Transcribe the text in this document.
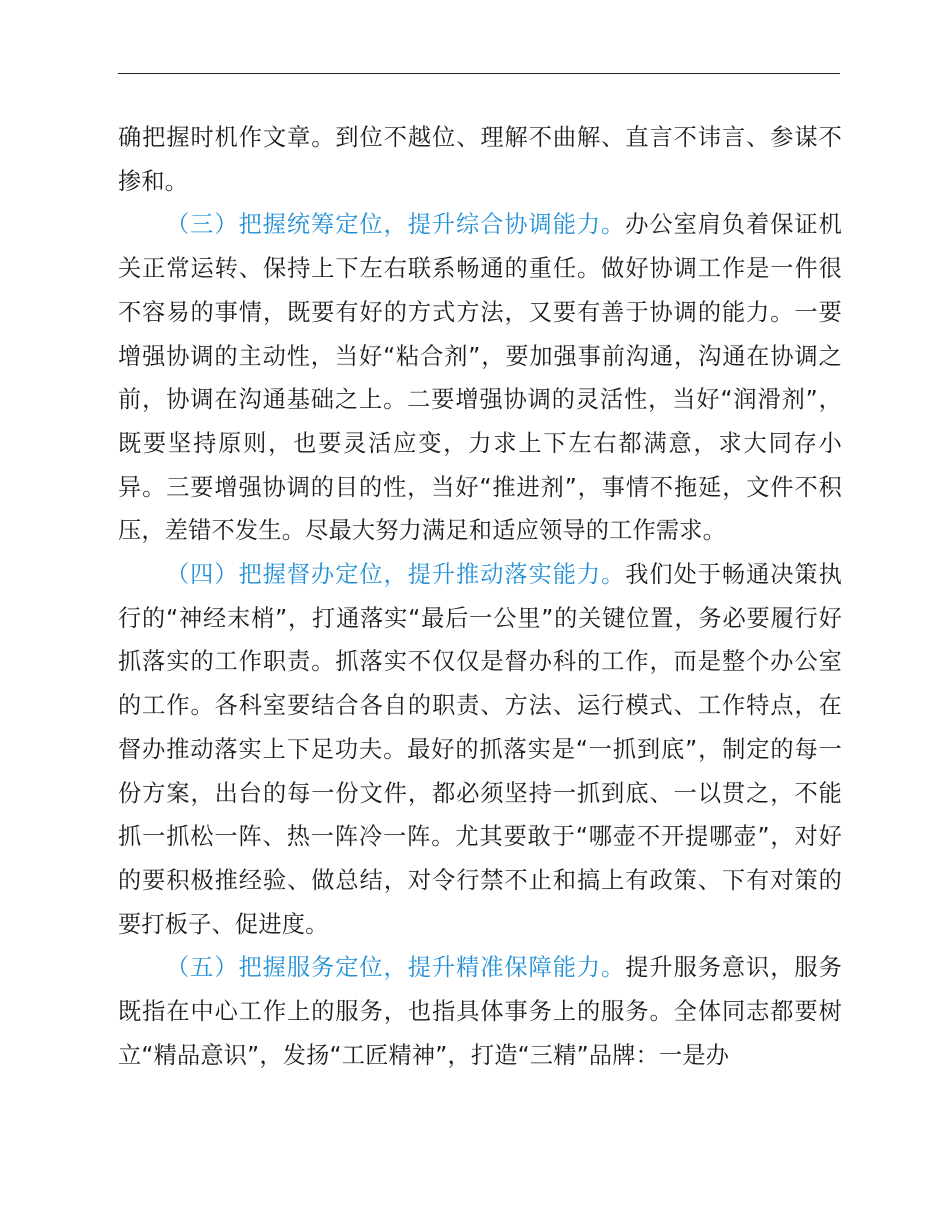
确把握时机作文章。到位不越位、理解不曲解、直言不讳言、参谋不掺和。

（三）把握统筹定位，提升综合协调能力。办公室肩负着保证机关正常运转、保持上下左右联系畅通的重任。做好协调工作是一件很不容易的事情，既要有好的方式方法，又要有善于协调的能力。一要增强协调的主动性，当好“粘合剂”，要加强事前沟通，沟通在协调之前，协调在沟通基础之上。二要增强协调的灵活性，当好“润滑剂”，既要坚持原则，也要灵活应变，力求上下左右都满意，求大同存小异。三要增强协调的目的性，当好“推进剂”，事情不拖延，文件不积压，差错不发生。尽最大努力满足和适应领导的工作需求。

（四）把握督办定位，提升推动落实能力。我们处于畅通决策执行的“神经末梢”，打通落实“最后一公里”的关键位置，务必要履行好抓落实的工作职责。抓落实不仅仅是督办科的工作，而是整个办公室的工作。各科室要结合各自的职责、方法、运行模式、工作特点，在督办推动落实上下足功夫。最好的抓落实是“一抓到底”，制定的每一份方案，出台的每一份文件，都必须坚持一抓到底、一以贯之，不能抓一抓松一阵、热一阵冷一阵。尤其要敢于“哪壶不开提哪壶”，对好的要积极推经验、做总结，对令行禁不止和搞上有政策、下有对策的要打板子、促进度。

（五）把握服务定位，提升精准保障能力。提升服务意识，服务既指在中心工作上的服务，也指具体事务上的服务。全体同志都要树立“精品意识”，发扬“工匠精神”，打造“三精”品牌：一是办
